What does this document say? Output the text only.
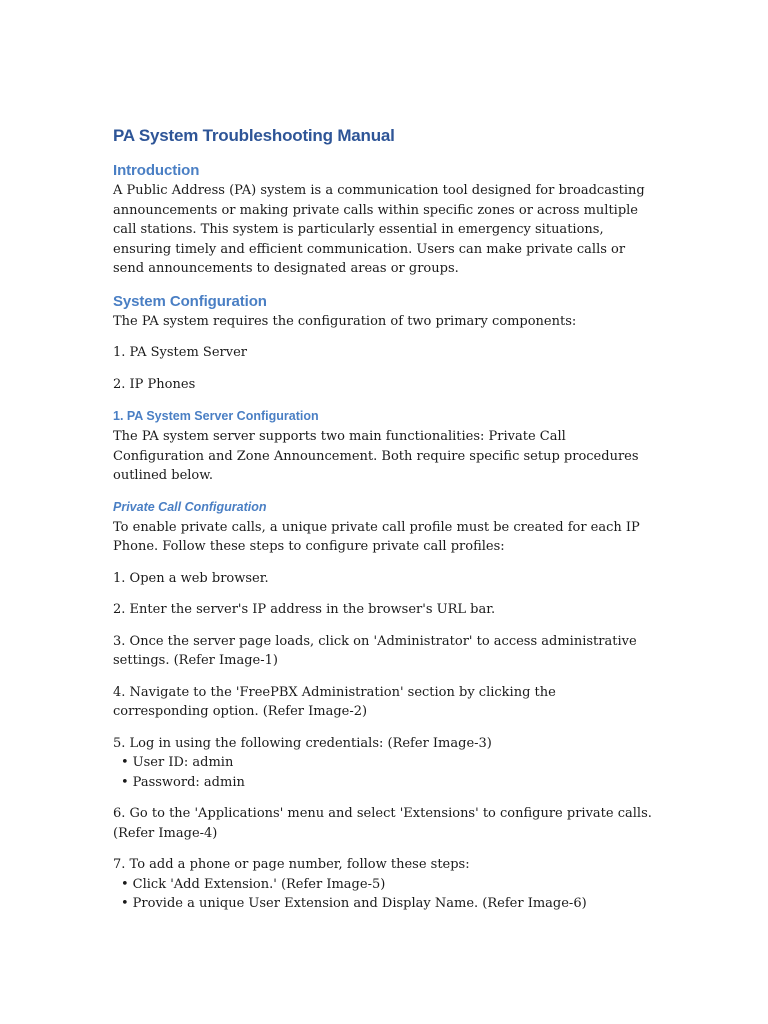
PA System Troubleshooting Manual
Introduction

A Public Address (PA) system is a communication tool designed for broadcasting announcements or making private calls within specific zones or across multiple call stations. This system is particularly essential in emergency situations, ensuring timely and efficient communication. Users can make private calls or send announcements to designated areas or groups.

System Configuration

The PA system requires the configuration of two primary components:

1. PA System Server

2. IP Phones

1. PA System Server Configuration

The PA system server supports two main functionalities: Private Call Configuration and Zone Announcement. Both require specific setup procedures outlined below.

Private Call Configuration

To enable private calls, a unique private call profile must be created for each IP Phone. Follow these steps to configure private call profiles:

1. Open a web browser.

2. Enter the server's IP address in the browser's URL bar.

3. Once the server page loads, click on 'Administrator' to access administrative settings. (Refer Image-1)

4. Navigate to the 'FreePBX Administration' section by clicking the corresponding option. (Refer Image-2)

5. Log in using the following credentials: (Refer Image-3)

• User ID: admin
• Password: admin

6. Go to the 'Applications' menu and select 'Extensions' to configure private calls. (Refer Image-4)

7. To add a phone or page number, follow these steps:

• Click 'Add Extension.' (Refer Image-5)
• Provide a unique User Extension and Display Name. (Refer Image-6)
